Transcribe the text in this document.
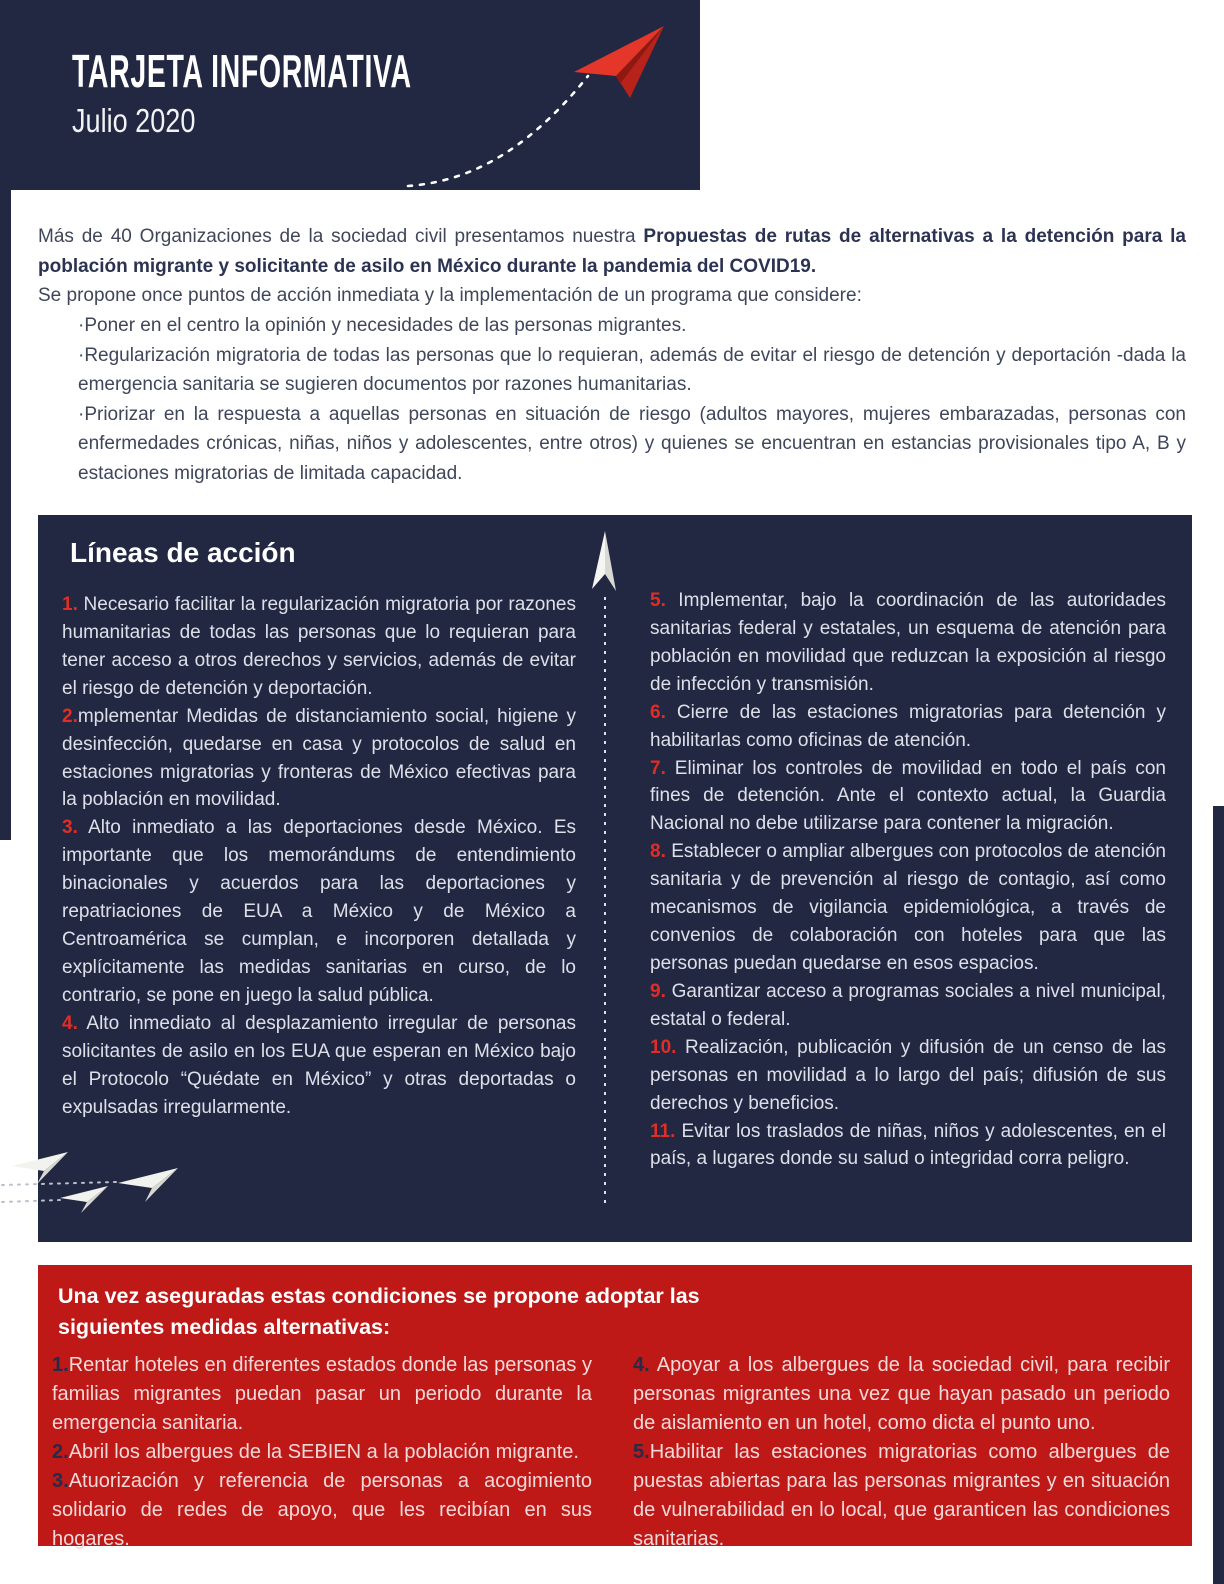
TARJETA INFORMATIVA
Julio 2020

Más de 40 Organizaciones de la sociedad civil presentamos nuestra Propuestas de rutas de alternativas a la detención para la población migrante y solicitante de asilo en México durante la pandemia del COVID19.

Se propone once puntos de acción inmediata y la implementación de un programa que considere:

·Poner en el centro la opinión y necesidades de las personas migrantes.

·Regularización migratoria de todas las personas que lo requieran, además de evitar el riesgo de detención y deportación -dada la emergencia sanitaria se sugieren documentos por razones humanitarias.

·Priorizar en la respuesta a aquellas personas en situación de riesgo (adultos mayores, mujeres embarazadas, personas con enfermedades crónicas, niñas, niños y adolescentes, entre otros) y quienes se encuentran en estancias provisionales tipo A, B y estaciones migratorias de limitada capacidad.

Líneas de acción

1. Necesario facilitar la regularización migratoria por razones humanitarias de todas las personas que lo requieran para tener acceso a otros derechos y servicios, además de evitar el riesgo de detención y deportación.

2.mplementar Medidas de distanciamiento social, higiene y desinfección, quedarse en casa y protocolos de salud en estaciones migratorias y fronteras de México efectivas para la población en movilidad.

3. Alto inmediato a las deportaciones desde México. Es importante que los memorándums de entendimiento binacionales y acuerdos para las deportaciones y repatriaciones de EUA a México y de México a Centroamérica se cumplan, e incorporen detallada y explícitamente las medidas sanitarias en curso, de lo contrario, se pone en juego la salud pública.

4. Alto inmediato al desplazamiento irregular de personas solicitantes de asilo en los EUA que esperan en México bajo el Protocolo “Quédate en México” y otras deportadas o expulsadas irregularmente.

5. Implementar, bajo la coordinación de las autoridades sanitarias federal y estatales, un esquema de atención para población en movilidad que reduzcan la exposición al riesgo de infección y transmisión.

6. Cierre de las estaciones migratorias para detención y habilitarlas como oficinas de atención.

7. Eliminar los controles de movilidad en todo el país con fines de detención. Ante el contexto actual, la Guardia Nacional no debe utilizarse para contener la migración.

8. Establecer o ampliar albergues con protocolos de atención sanitaria y de prevención al riesgo de contagio, así como mecanismos de vigilancia epidemiológica, a través de convenios de colaboración con hoteles para que las personas puedan quedarse en esos espacios.

9. Garantizar acceso a programas sociales a nivel municipal, estatal o federal.

10. Realización, publicación y difusión de un censo de las personas en movilidad a lo largo del país; difusión de sus derechos y beneficios.

11. Evitar los traslados de niñas, niños y adolescentes, en el país, a lugares donde su salud o integridad corra peligro.

Una vez aseguradas estas condiciones se propone adoptar las siguientes medidas alternativas:

1.Rentar hoteles en diferentes estados donde las personas y familias migrantes puedan pasar un periodo durante la emergencia sanitaria.

2.Abril los albergues de la SEBIEN a la población migrante.

3.Atuorización y referencia de personas a acogimiento solidario de redes de apoyo, que les recibían en sus hogares.

4. Apoyar a los albergues de la sociedad civil, para recibir personas migrantes una vez que hayan pasado un periodo de aislamiento en un hotel, como dicta el punto uno.

5.Habilitar las estaciones migratorias como albergues de puestas abiertas para las personas migrantes y en situación de vulnerabilidad en lo local, que garanticen las condiciones sanitarias.
